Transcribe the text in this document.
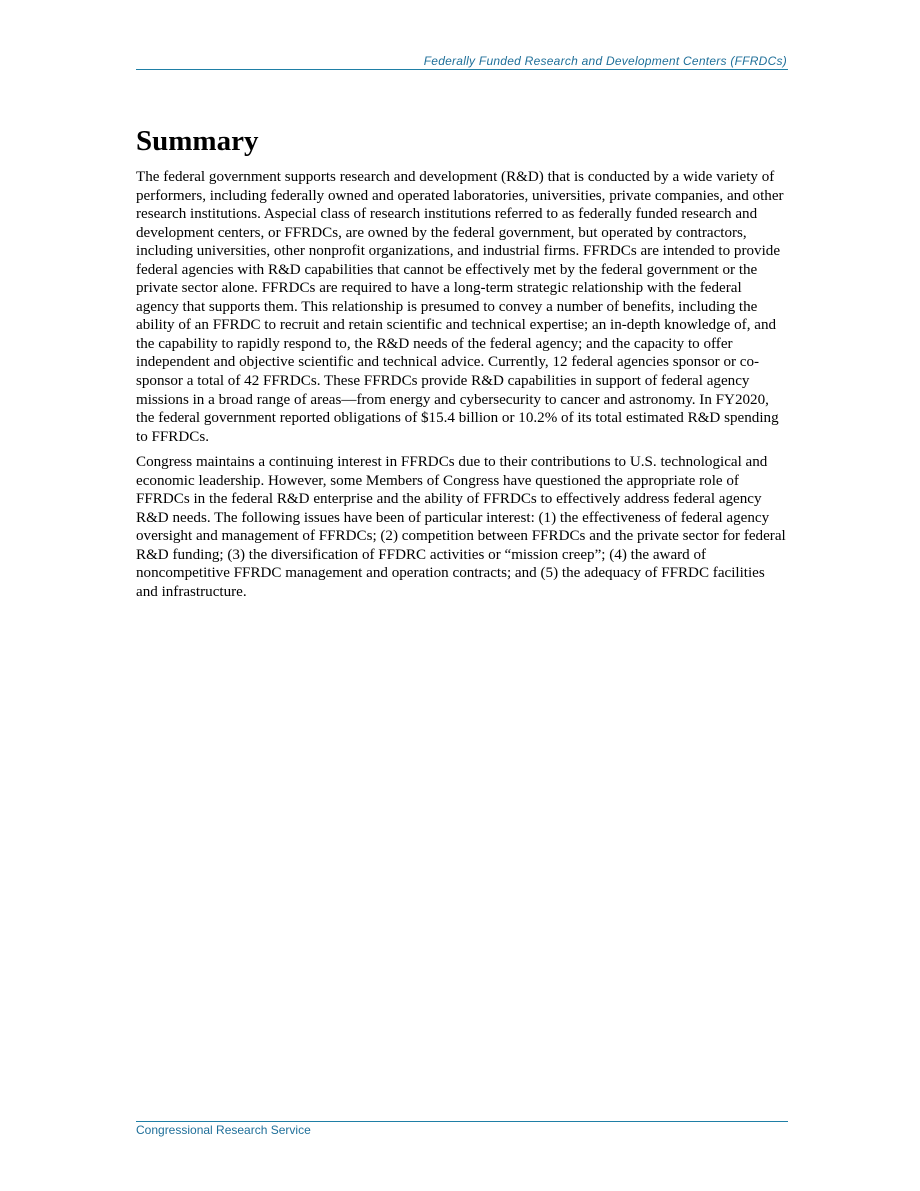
Federally Funded Research and Development Centers (FFRDCs)
Summary

The federal government supports research and development (R&D) that is conducted by a wide variety of performers, including federally owned and operated laboratories, universities, private companies, and other research institutions. Aspecial class of research institutions referred to as federally funded research and development centers, or FFRDCs, are owned by the federal government, but operated by contractors, including universities, other nonprofit organizations, and industrial firms. FFRDCs are intended to provide federal agencies with R&D capabilities that cannot be effectively met by the federal government or the private sector alone. FFRDCs are required to have a long-term strategic relationship with the federal agency that supports them. This relationship is presumed to convey a number of benefits, including the ability of an FFRDC to recruit and retain scientific and technical expertise; an in-depth knowledge of, and the capability to rapidly respond to, the R&D needs of the federal agency; and the capacity to offer independent and objective scientific and technical advice. Currently, 12 federal agencies sponsor or co-sponsor a total of 42 FFRDCs. These FFRDCs provide R&D capabilities in support of federal agency missions in a broad range of areas—from energy and cybersecurity to cancer and astronomy. In FY2020, the federal government reported obligations of $15.4 billion or 10.2% of its total estimated R&D spending to FFRDCs.

Congress maintains a continuing interest in FFRDCs due to their contributions to U.S. technological and economic leadership. However, some Members of Congress have questioned the appropriate role of FFRDCs in the federal R&D enterprise and the ability of FFRDCs to effectively address federal agency R&D needs. The following issues have been of particular interest: (1) the effectiveness of federal agency oversight and management of FFRDCs; (2) competition between FFRDCs and the private sector for federal R&D funding; (3) the diversification of FFDRC activities or “mission creep”; (4) the award of noncompetitive FFRDC management and operation contracts; and (5) the adequacy of FFRDC facilities and infrastructure.

Congressional Research Service
